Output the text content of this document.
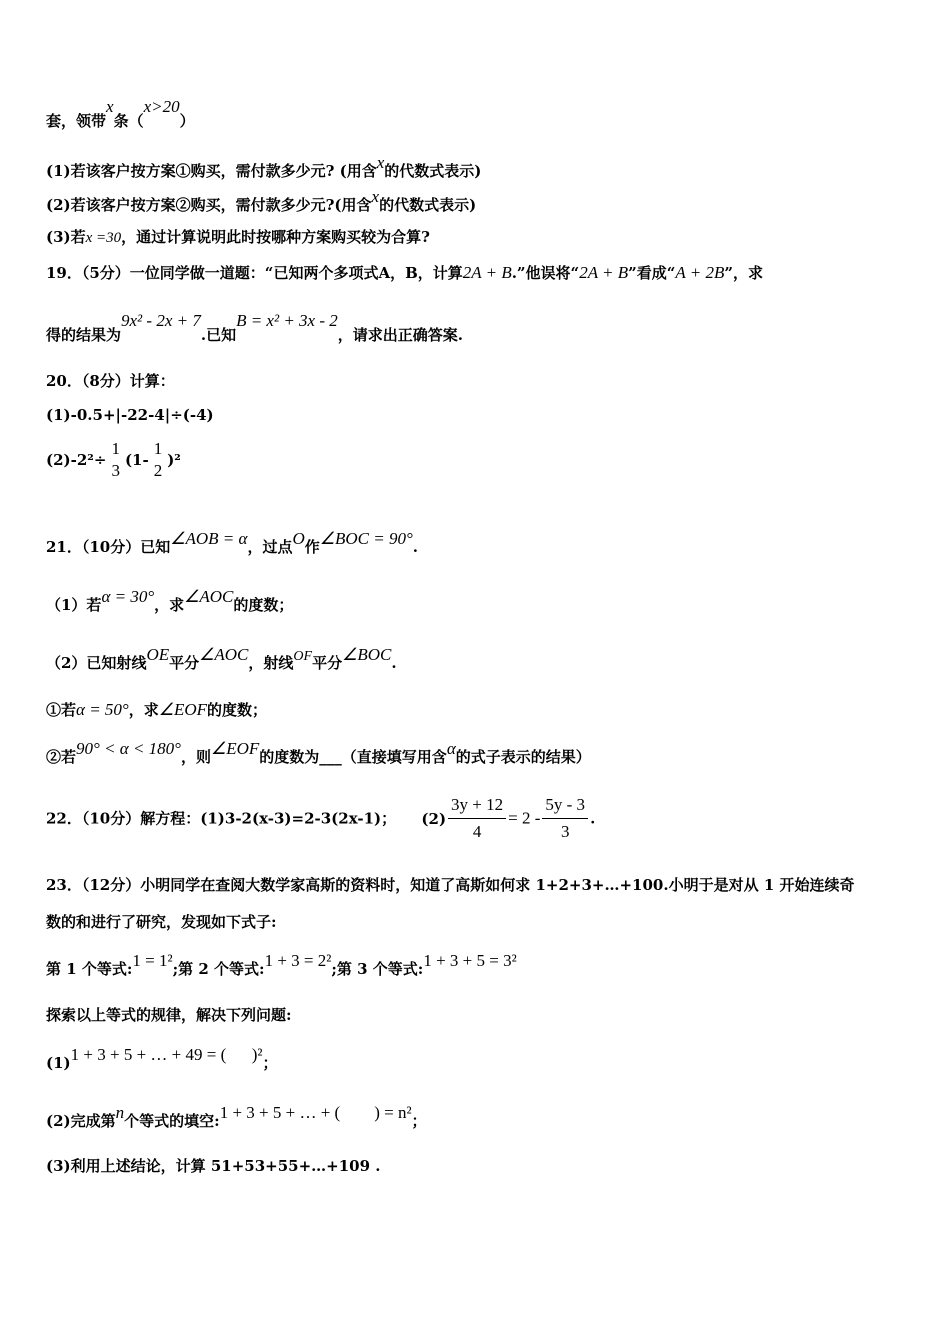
套，领带x条（x>20）
(1)若该客户按方案①购买，需付款多少元? (用含x的代数式表示)
(2)若该客户按方案②购买，需付款多少元?(用含x的代数式表示)
(3)若x =30，通过计算说明此时按哪种方案购买较为合算?
19．（5分）一位同学做一道题：“已知两个多项式A，B，计算2A + B.”他误将“2A + B”看成“A + 2B”，求
得的结果为9x² - 2x + 7.已知B = x² + 3x - 2，请求出正确答案.
20．（8分）计算：
(1)-0.5+|-22-4|÷(-4)
(2)-2²÷
1
3
(1-
1
2
)²
21．（10分）已知∠AOB = α，过点O作∠BOC = 90°.
（1）若α = 30°，求∠AOC的度数；
（2）已知射线OE平分∠AOC，射线OF平分∠BOC.
①若α = 50°，求∠EOF的度数；
②若90° < α < 180°，则∠EOF的度数为___（直接填写用含α的式子表示的结果）
22．（10分）解方程：(1)3-2(x-3)=2-3(2x-1)； $(2) \frac{3y + 12}{4} = 2 - \frac{5y - 3}{3}$ .
23．（12分）小明同学在查阅大数学家高斯的资料时，知道了高斯如何求 1+2+3+…+100.小明于是对从 1 开始连续奇
数的和进行了研究，发现如下式子:
第 1 个等式:1 = 1²;第 2 个等式:1 + 3 = 2²;第 3 个等式:1 + 3 + 5 = 3²
探索以上等式的规律，解决下列问题:
(1)1 + 3 + 5 + … + 49 = (      )²；
(2)完成第n个等式的填空:1 + 3 + 5 + … + (        ) = n²；
(3)利用上述结论，计算 51+53+55+…+109 .
